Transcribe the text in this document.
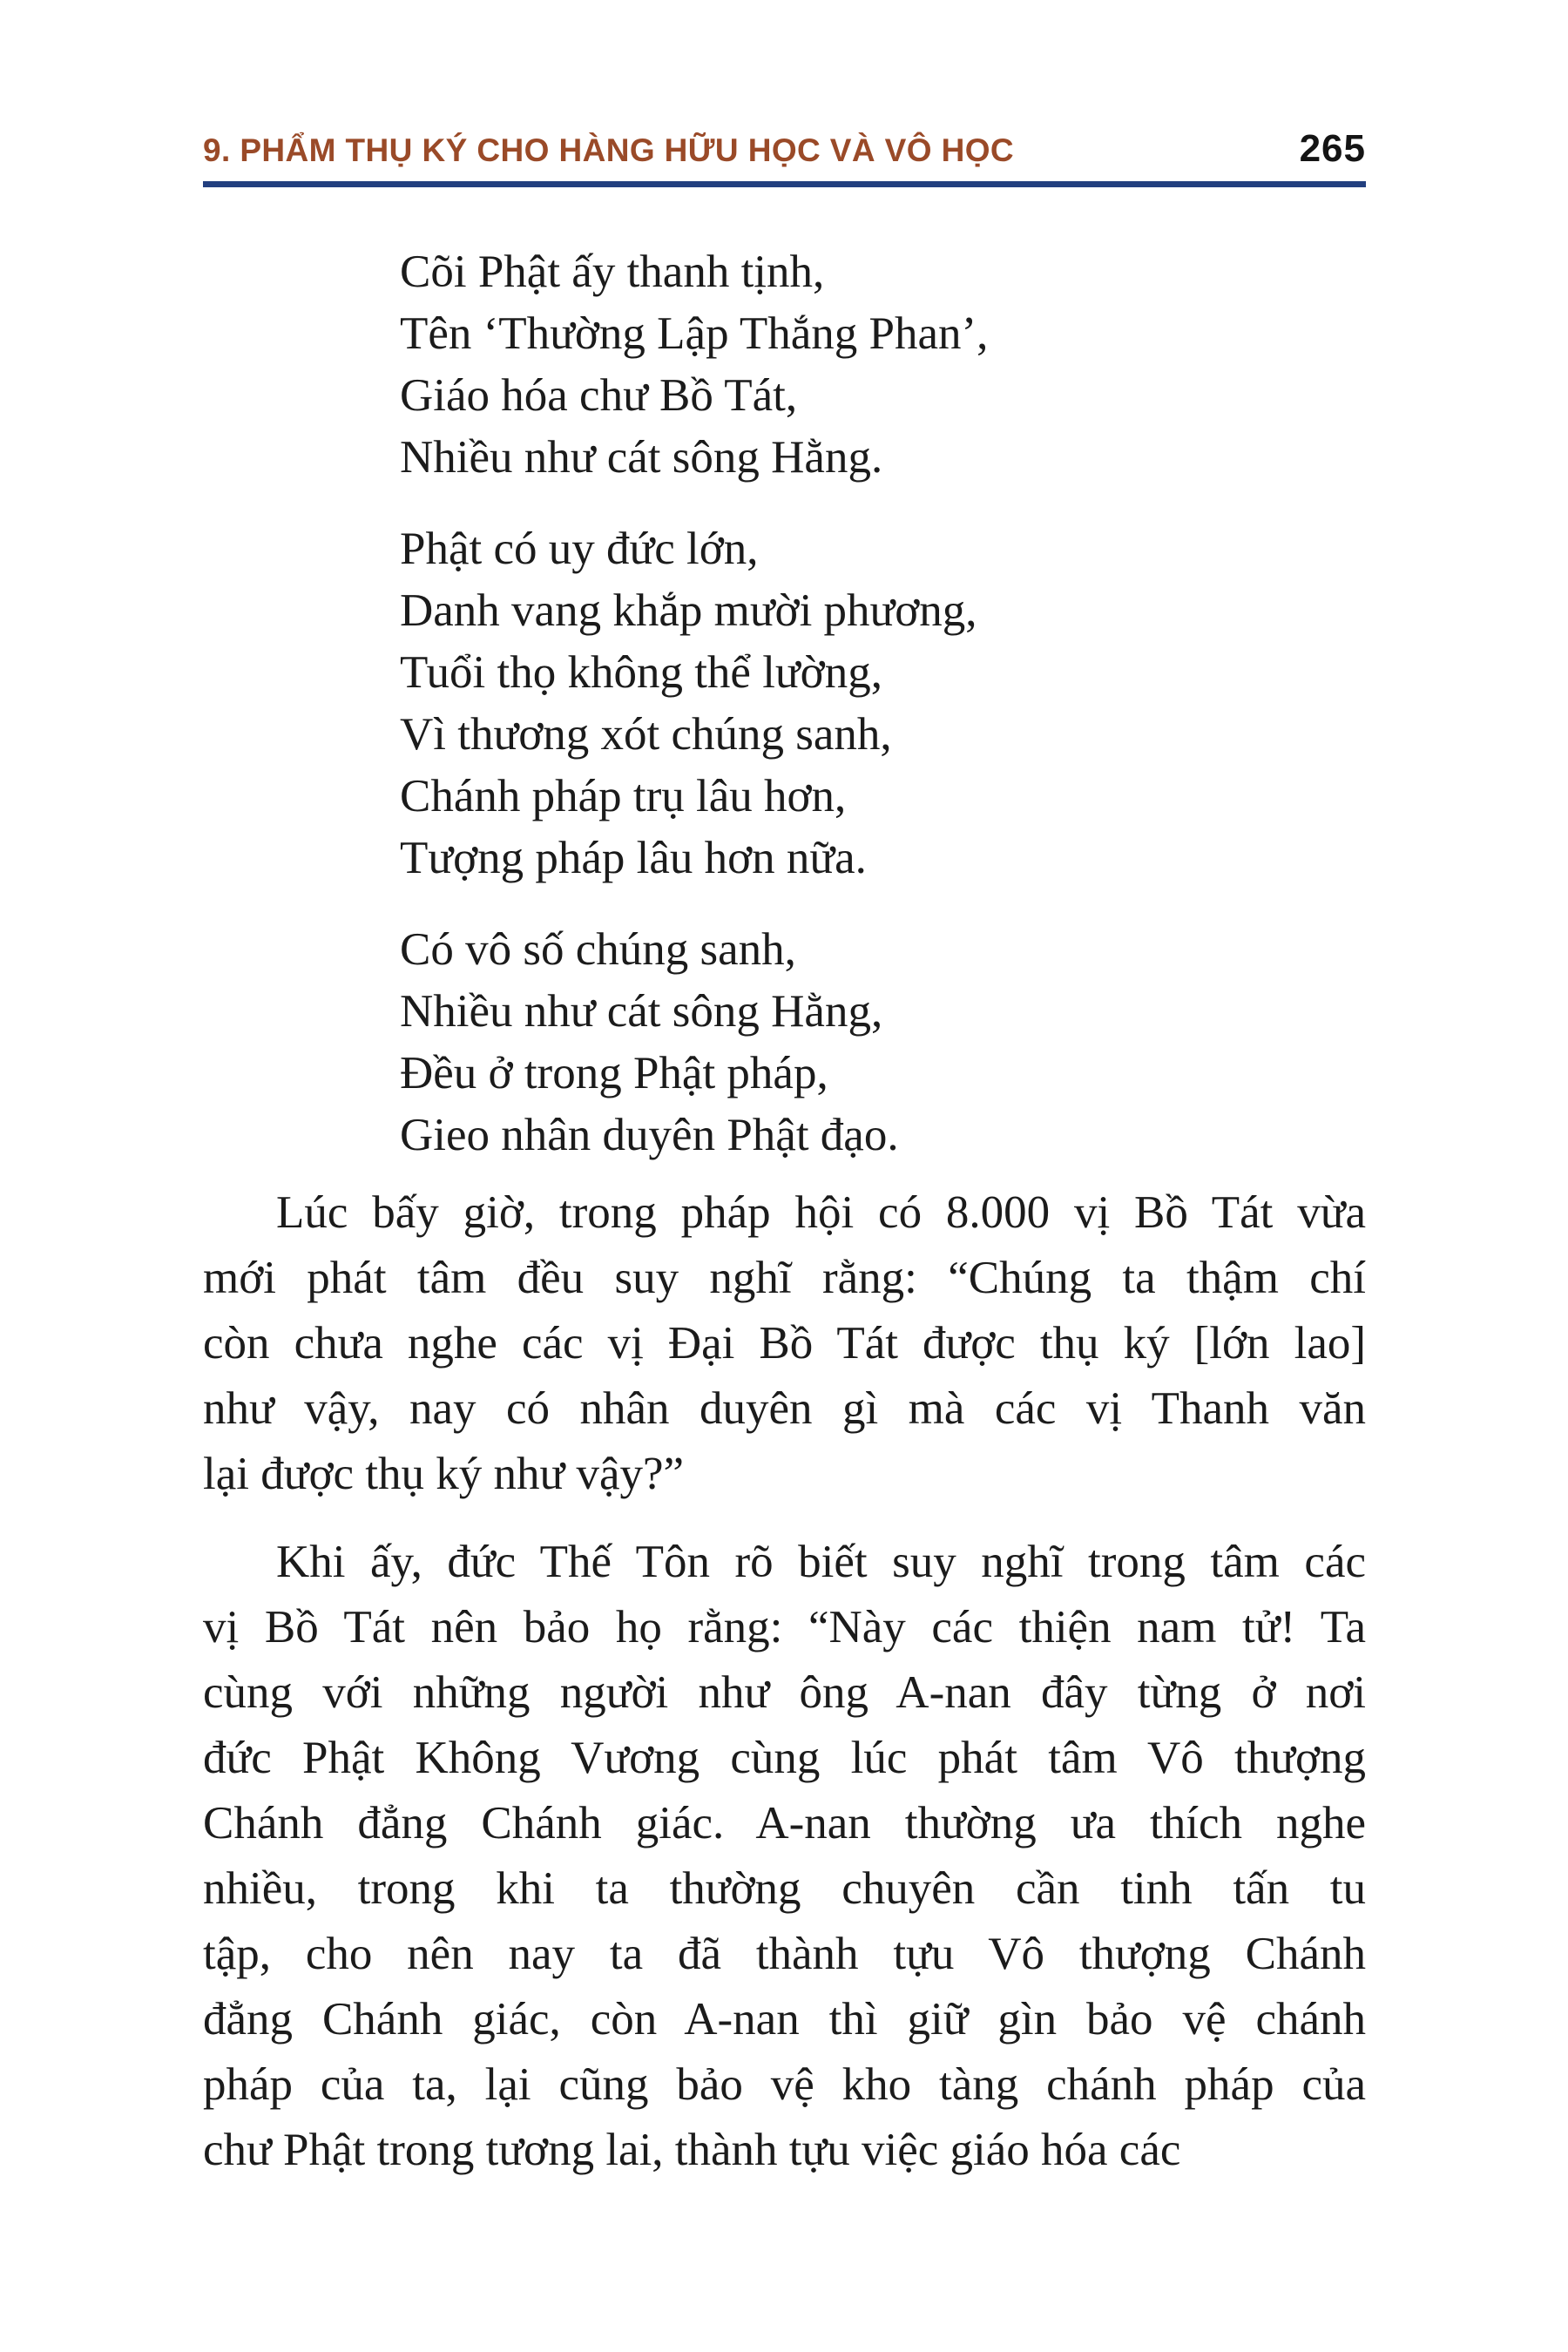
9. PHẨM THỤ KÝ CHO HÀNG HỮU HỌC VÀ VÔ HỌC	265
Cõi Phật ấy thanh tịnh,
Tên ‘Thường Lập Thắng Phan’,
Giáo hóa chư Bồ Tát,
Nhiều như cát sông Hằng.
Phật có uy đức lớn,
Danh vang khắp mười phương,
Tuổi thọ không thể lường,
Vì thương xót chúng sanh,
Chánh pháp trụ lâu hơn,
Tượng pháp lâu hơn nữa.
Có vô số chúng sanh,
Nhiều như cát sông Hằng,
Đều ở trong Phật pháp,
Gieo nhân duyên Phật đạo.
Lúc bấy giờ, trong pháp hội có 8.000 vị Bồ Tát vừa
mới phát tâm đều suy nghĩ rằng: “Chúng ta thậm chí
còn chưa nghe các vị Đại Bồ Tát được thụ ký [lớn lao]
như vậy, nay có nhân duyên gì mà các vị Thanh văn
lại được thụ ký như vậy?”
Khi ấy, đức Thế Tôn rõ biết suy nghĩ trong tâm các
vị Bồ Tát nên bảo họ rằng: “Này các thiện nam tử! Ta
cùng với những người như ông A-nan đây từng ở nơi
đức Phật Không Vương cùng lúc phát tâm Vô thượng
Chánh đẳng Chánh giác. A-nan thường ưa thích nghe
nhiều, trong khi ta thường chuyên cần tinh tấn tu
tập, cho nên nay ta đã thành tựu Vô thượng Chánh
đẳng Chánh giác, còn A-nan thì giữ gìn bảo vệ chánh
pháp của ta, lại cũng bảo vệ kho tàng chánh pháp của
chư Phật trong tương lai, thành tựu việc giáo hóa các
